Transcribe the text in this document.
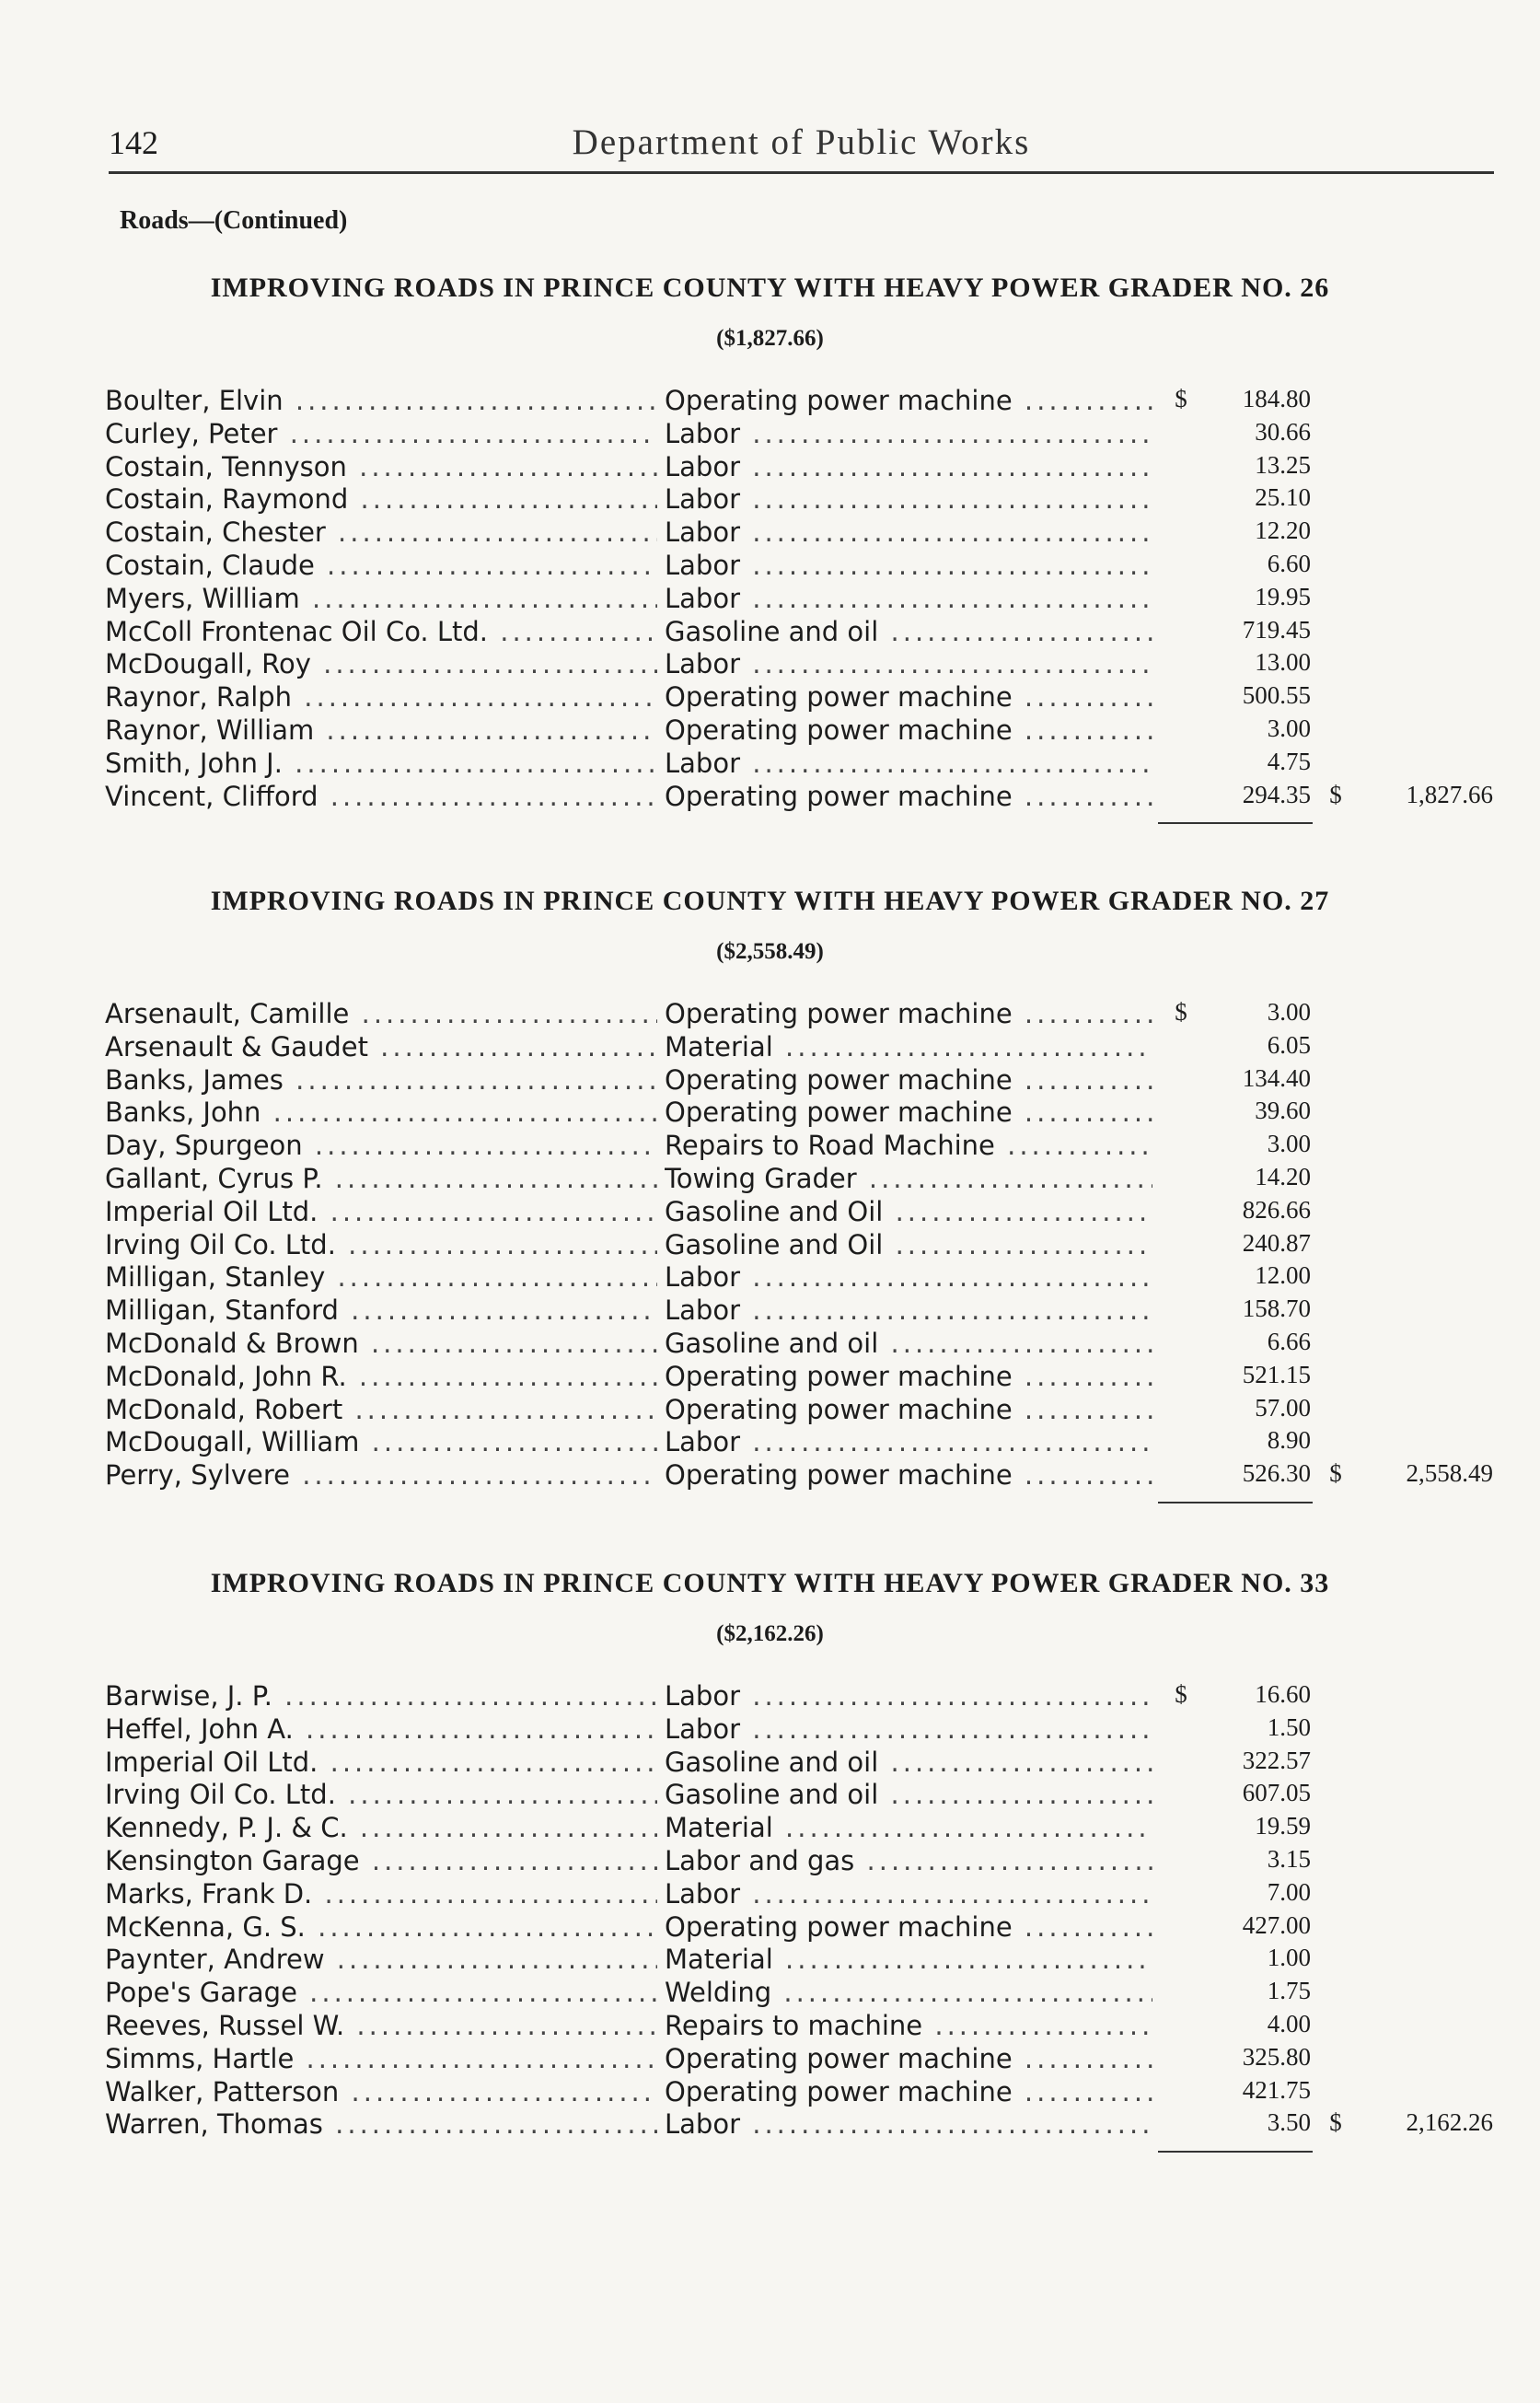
142	Department of Public Works
Roads—(Continued)
IMPROVING ROADS IN PRINCE COUNTY WITH HEAVY POWER GRADER NO. 26
($1,827.66)
Boulter, Elvin .....	Operating power machine .....	$	184.80
Curley, Peter .....	Labor .....	30.66
Costain, Tennyson .....	Labor .....	13.25
Costain, Raymond .....	Labor .....	25.10
Costain, Chester .....	Labor .....	12.20
Costain, Claude .....	Labor .....	6.60
Myers, William .....	Labor .....	19.95
McColl Frontenac Oil Co. Ltd. .....	Gasoline and oil .....	719.45
McDougall, Roy .....	Labor .....	13.00
Raynor, Ralph .....	Operating power machine .....	500.55
Raynor, William .....	Operating power machine .....	3.00
Smith, John J. .....	Labor .....	4.75
Vincent, Clifford .....	Operating power machine .....	294.35 $	1,827.66
IMPROVING ROADS IN PRINCE COUNTY WITH HEAVY POWER GRADER NO. 27
($2,558.49)
Arsenault, Camille .....	Operating power machine .....	$	3.00
Arsenault & Gaudet .....	Material .....	6.05
Banks, James .....	Operating power machine .....	134.40
Banks, John .....	Operating power machine .....	39.60
Day, Spurgeon .....	Repairs to Road Machine .....	3.00
Gallant, Cyrus P. .....	Towing Grader .....	14.20
Imperial Oil Ltd. .....	Gasoline and Oil .....	826.66
Irving Oil Co. Ltd. .....	Gasoline and Oil .....	240.87
Milligan, Stanley .....	Labor .....	12.00
Milligan, Stanford .....	Labor .....	158.70
McDonald & Brown .....	Gasoline and oil .....	6.66
McDonald, John R. .....	Operating power machine .....	521.15
McDonald, Robert .....	Operating power machine .....	57.00
McDougall, William .....	Labor .....	8.90
Perry, Sylvere .....	Operating power machine .....	526.30 $	2,558.49
IMPROVING ROADS IN PRINCE COUNTY WITH HEAVY POWER GRADER NO. 33
($2,162.26)
Barwise, J. P. .....	Labor .....	$	16.60
Heffel, John A. .....	Labor .....	1.50
Imperial Oil Ltd. .....	Gasoline and oil .....	322.57
Irving Oil Co. Ltd. .....	Gasoline and oil .....	607.05
Kennedy, P. J. & C. .....	Material .....	19.59
Kensington Garage .....	Labor and gas .....	3.15
Marks, Frank D. .....	Labor .....	7.00
McKenna, G. S. .....	Operating power machine .....	427.00
Paynter, Andrew .....	Material .....	1.00
Pope's Garage .....	Welding .....	1.75
Reeves, Russel W. .....	Repairs to machine .....	4.00
Simms, Hartle .....	Operating power machine .....	325.80
Walker, Patterson .....	Operating power machine .....	421.75
Warren, Thomas .....	Labor .....	3.50 $	2,162.26
